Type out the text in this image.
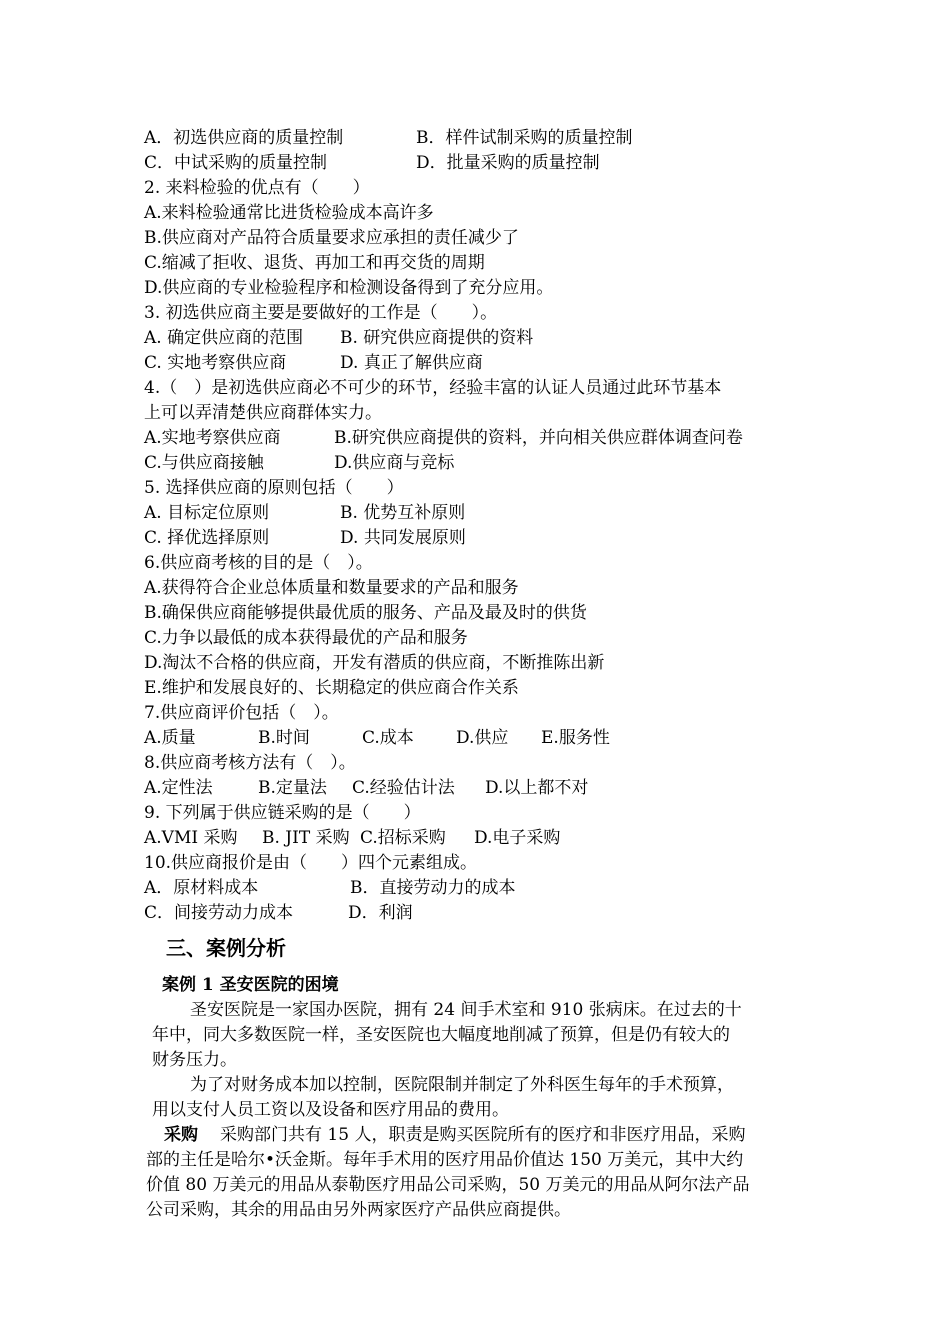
A．初选供应商的质量控制	B．样件试制采购的质量控制
C．中试采购的质量控制	D．批量采购的质量控制
2. 来料检验的优点有（　　）
A.来料检验通常比进货检验成本高许多
B.供应商对产品符合质量要求应承担的责任减少了
C.缩减了拒收、退货、再加工和再交货的周期
D.供应商的专业检验程序和检测设备得到了充分应用。
3. 初选供应商主要是要做好的工作是（　　）。
A. 确定供应商的范围 B. 研究供应商提供的资料
C. 实地考察供应商	D. 真正了解供应商
4.（　）是初选供应商必不可少的环节，经验丰富的认证人员通过此环节基本
上可以弄清楚供应商群体实力。
A.实地考察供应商	B.研究供应商提供的资料，并向相关供应群体调查问卷
C.与供应商接触	D.供应商与竞标
5. 选择供应商的原则包括（　　）
A. 目标定位原则	B. 优势互补原则
C. 择优选择原则	D. 共同发展原则
6.供应商考核的目的是（　）。
A.获得符合企业总体质量和数量要求的产品和服务
B.确保供应商能够提供最优质的服务、产品及最及时的供货
C.力争以最低的成本获得最优的产品和服务
D.淘汰不合格的供应商，开发有潜质的供应商，不断推陈出新
E.维护和发展良好的、长期稳定的供应商合作关系
7.供应商评价包括（　）。
A.质量	B.时间	C.成本 D.供应 E.服务性
8.供应商考核方法有（　）。
A.定性法	B.定量法 C.经验估计法 D.以上都不对
9. 下列属于供应链采购的是（　　）
A.VMI 采购 B. JIT 采购 C.招标采购 D.电子采购
10.供应商报价是由（　　）四个元素组成。
A．原材料成本	B．直接劳动力的成本
C．间接劳动力成本	D．利润
三、案例分析
案例 1 圣安医院的困境
圣安医院是一家国办医院，拥有 24 间手术室和 910 张病床。在过去的十
年中，同大多数医院一样，圣安医院也大幅度地削减了预算，但是仍有较大的
财务压力。
为了对财务成本加以控制，医院限制并制定了外科医生每年的手术预算，
用以支付人员工资以及设备和医疗用品的费用。
采购 采购部门共有 15 人，职责是购买医院所有的医疗和非医疗用品，采购
部的主任是哈尔•沃金斯。每年手术用的医疗用品价值达 150 万美元，其中大约
价值 80 万美元的用品从泰勒医疗用品公司采购，50 万美元的用品从阿尔法产品
公司采购，其余的用品由另外两家医疗产品供应商提供。
